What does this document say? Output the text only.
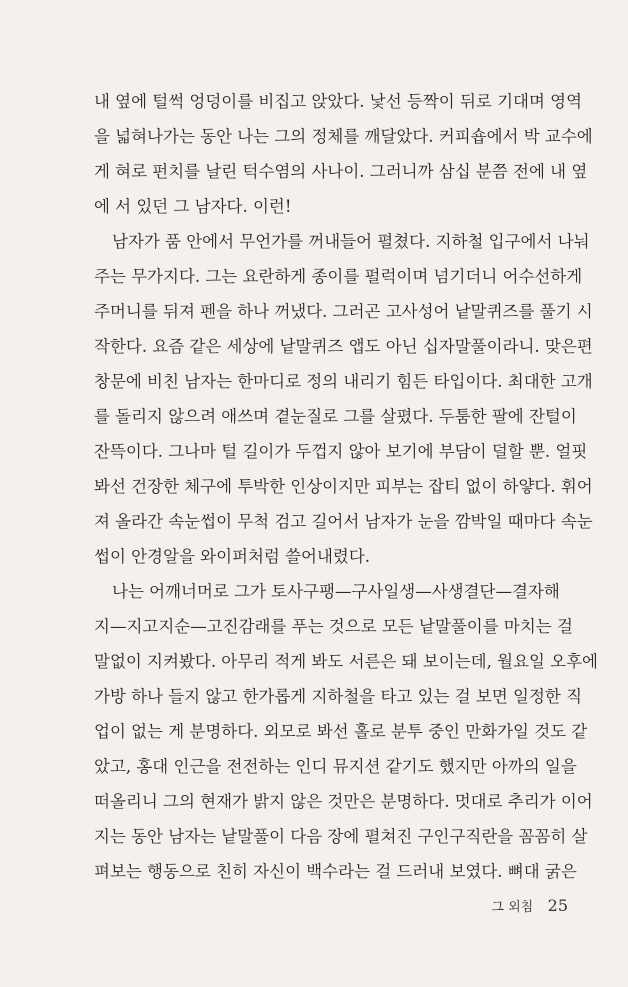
내 옆에 털썩 엉덩이를 비집고 앉았다. 낯선 등짝이 뒤로 기대며 영역
을 넓혀나가는 동안 나는 그의 정체를 깨달았다. 커피숍에서 박 교수에
게 혀로 펀치를 날린 턱수염의 사나이. 그러니까 삼십 분쯤 전에 내 옆
에 서 있던 그 남자다. 이런!
남자가 품 안에서 무언가를 꺼내들어 펼쳤다. 지하철 입구에서 나눠
주는 무가지다. 그는 요란하게 종이를 펄럭이며 넘기더니 어수선하게
주머니를 뒤져 펜을 하나 꺼냈다. 그러곤 고사성어 낱말퀴즈를 풀기 시
작한다. 요즘 같은 세상에 낱말퀴즈 앱도 아닌 십자말풀이라니. 맞은편
창문에 비친 남자는 한마디로 정의 내리기 힘든 타입이다. 최대한 고개
를 돌리지 않으려 애쓰며 곁눈질로 그를 살폈다. 두툼한 팔에 잔털이
잔뜩이다. 그나마 털 길이가 두껍지 않아 보기에 부담이 덜할 뿐. 얼핏
봐선 건장한 체구에 투박한 인상이지만 피부는 잡티 없이 하얗다. 휘어
져 올라간 속눈썹이 무척 검고 길어서 남자가 눈을 깜박일 때마다 속눈
썹이 안경알을 와이퍼처럼 쓸어내렸다.
나는 어깨너머로 그가 토사구팽—구사일생—사생결단—결자해
지—지고지순—고진감래를 푸는 것으로 모든 낱말풀이를 마치는 걸
말없이 지켜봤다. 아무리 적게 봐도 서른은 돼 보이는데, 월요일 오후에
가방 하나 들지 않고 한가롭게 지하철을 타고 있는 걸 보면 일정한 직
업이 없는 게 분명하다. 외모로 봐선 홀로 분투 중인 만화가일 것도 같
았고, 홍대 인근을 전전하는 인디 뮤지션 같기도 했지만 아까의 일을
떠올리니 그의 현재가 밝지 않은 것만은 분명하다. 멋대로 추리가 이어
지는 동안 남자는 낱말풀이 다음 장에 펼쳐진 구인구직란을 꼼꼼히 살
펴보는 행동으로 친히 자신이 백수라는 걸 드러내 보였다. 뼈대 굵은
그 외침 25
